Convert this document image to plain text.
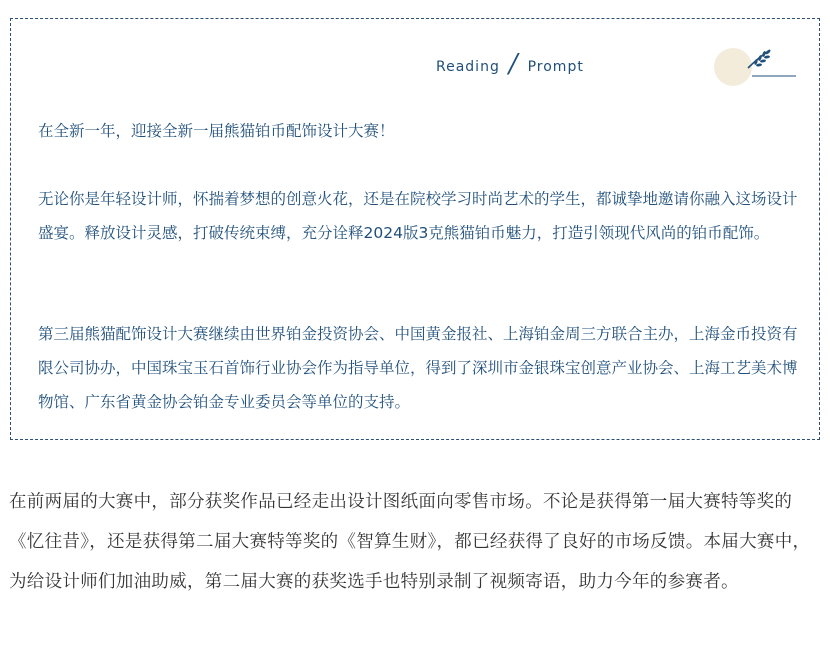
Reading / Prompt

在全新一年，迎接全新一届熊猫铂币配饰设计大赛！

无论你是年轻设计师，怀揣着梦想的创意火花，还是在院校学习时尚艺术的学生，都诚挚地邀请你融入这场设计盛宴。释放设计灵感，打破传统束缚，充分诠释2024版3克熊猫铂币魅力，打造引领现代风尚的铂币配饰。

第三届熊猫配饰设计大赛继续由世界铂金投资协会、中国黄金报社、上海铂金周三方联合主办，上海金币投资有限公司协办，中国珠宝玉石首饰行业协会作为指导单位，得到了深圳市金银珠宝创意产业协会、上海工艺美术博物馆、广东省黄金协会铂金专业委员会等单位的支持。

在前两届的大赛中，部分获奖作品已经走出设计图纸面向零售市场。不论是获得第一届大赛特等奖的《忆往昔》，还是获得第二届大赛特等奖的《智算生财》，都已经获得了良好的市场反馈。本届大赛中，为给设计师们加油助威，第二届大赛的获奖选手也特别录制了视频寄语，助力今年的参赛者。
